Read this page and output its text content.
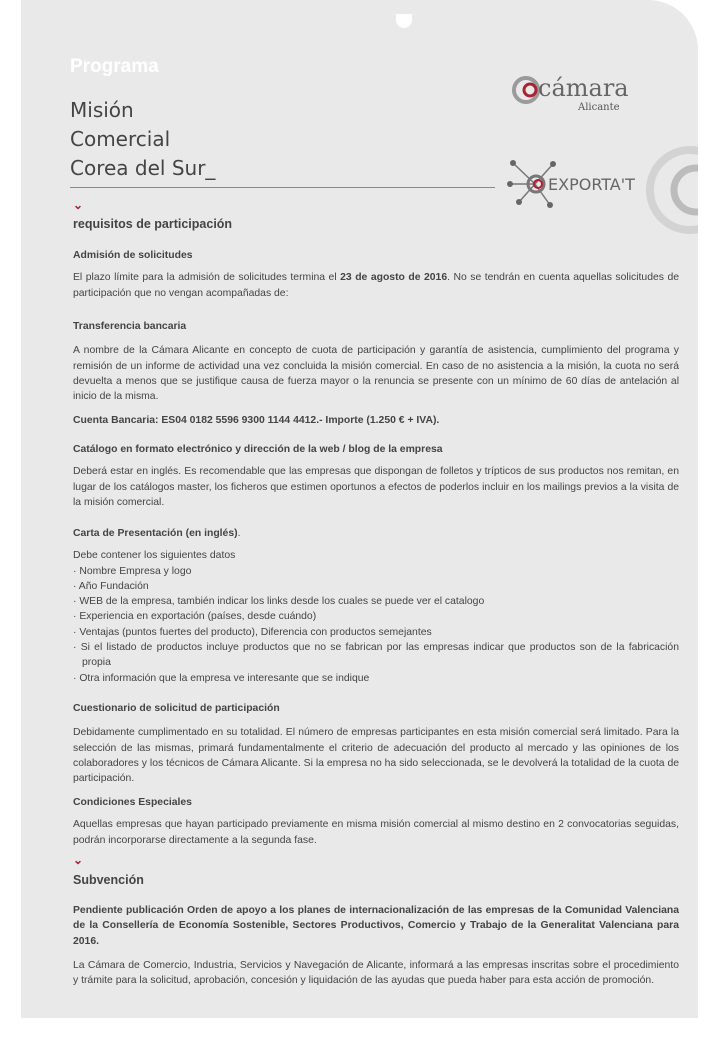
Programa
Misión
Comercial
Corea del Sur_
cámara
Alicante
EXPORTA'T
⌄
requisitos de participación

Admisión de solicitudes

El plazo límite para la admisión de solicitudes termina el 23 de agosto de 2016. No se tendrán en cuenta aquellas solicitudes de participación que no vengan acompañadas de:

Transferencia bancaria

A nombre de la Cámara Alicante en concepto de cuota de participación y garantía de asistencia, cumplimiento del programa y remisión de un informe de actividad una vez concluida la misión comercial. En caso de no asistencia a la misión, la cuota no será devuelta a menos que se justifique causa de fuerza mayor o la renuncia se presente con un mínimo de 60 días de antelación al inicio de la misma.

Cuenta Bancaria: ES04 0182 5596 9300 1144 4412.- Importe (1.250 € + IVA).

Catálogo en formato electrónico y dirección de la web / blog de la empresa

Deberá estar en inglés. Es recomendable que las empresas que dispongan de folletos y trípticos de sus productos nos remitan, en lugar de los catálogos master, los ficheros que estimen oportunos a efectos de poderlos incluir en los mailings previos a la visita de la misión comercial.

Carta de Presentación (en inglés).

Debe contener los siguientes datos

· Nombre Empresa y logo
· Año Fundación
· WEB de la empresa, también indicar los links desde los cuales se puede ver el catalogo
· Experiencia en exportación (países, desde cuándo)
· Ventajas (puntos fuertes del producto), Diferencia con productos semejantes
· Si el listado de productos incluye productos que no se fabrican por las empresas indicar que productos son de la fabricación propia
· Otra información que la empresa ve interesante que se indique

Cuestionario de solicitud de participación

Debidamente cumplimentado en su totalidad. El número de empresas participantes en esta misión comercial será limitado. Para la selección de las mismas, primará fundamentalmente el criterio de adecuación del producto al mercado y las opiniones de los colaboradores y los técnicos de Cámara Alicante. Si la empresa no ha sido seleccionada, se le devolverá la totalidad de la cuota de participación.

Condiciones Especiales

Aquellas empresas que hayan participado previamente en misma misión comercial al mismo destino en 2 convocatorias seguidas, podrán incorporarse directamente a la segunda fase.

⌄
Subvención

Pendiente publicación Orden de apoyo a los planes de internacionalización de las empresas de la Comunidad Valenciana de la Consellería de Economía Sostenible, Sectores Productivos, Comercio y Trabajo de la Generalitat Valenciana para 2016.

La Cámara de Comercio, Industria, Servicios y Navegación de Alicante, informará a las empresas inscritas sobre el procedimiento y trámite para la solicitud, aprobación, concesión y liquidación de las ayudas que pueda haber para esta acción de promoción.
